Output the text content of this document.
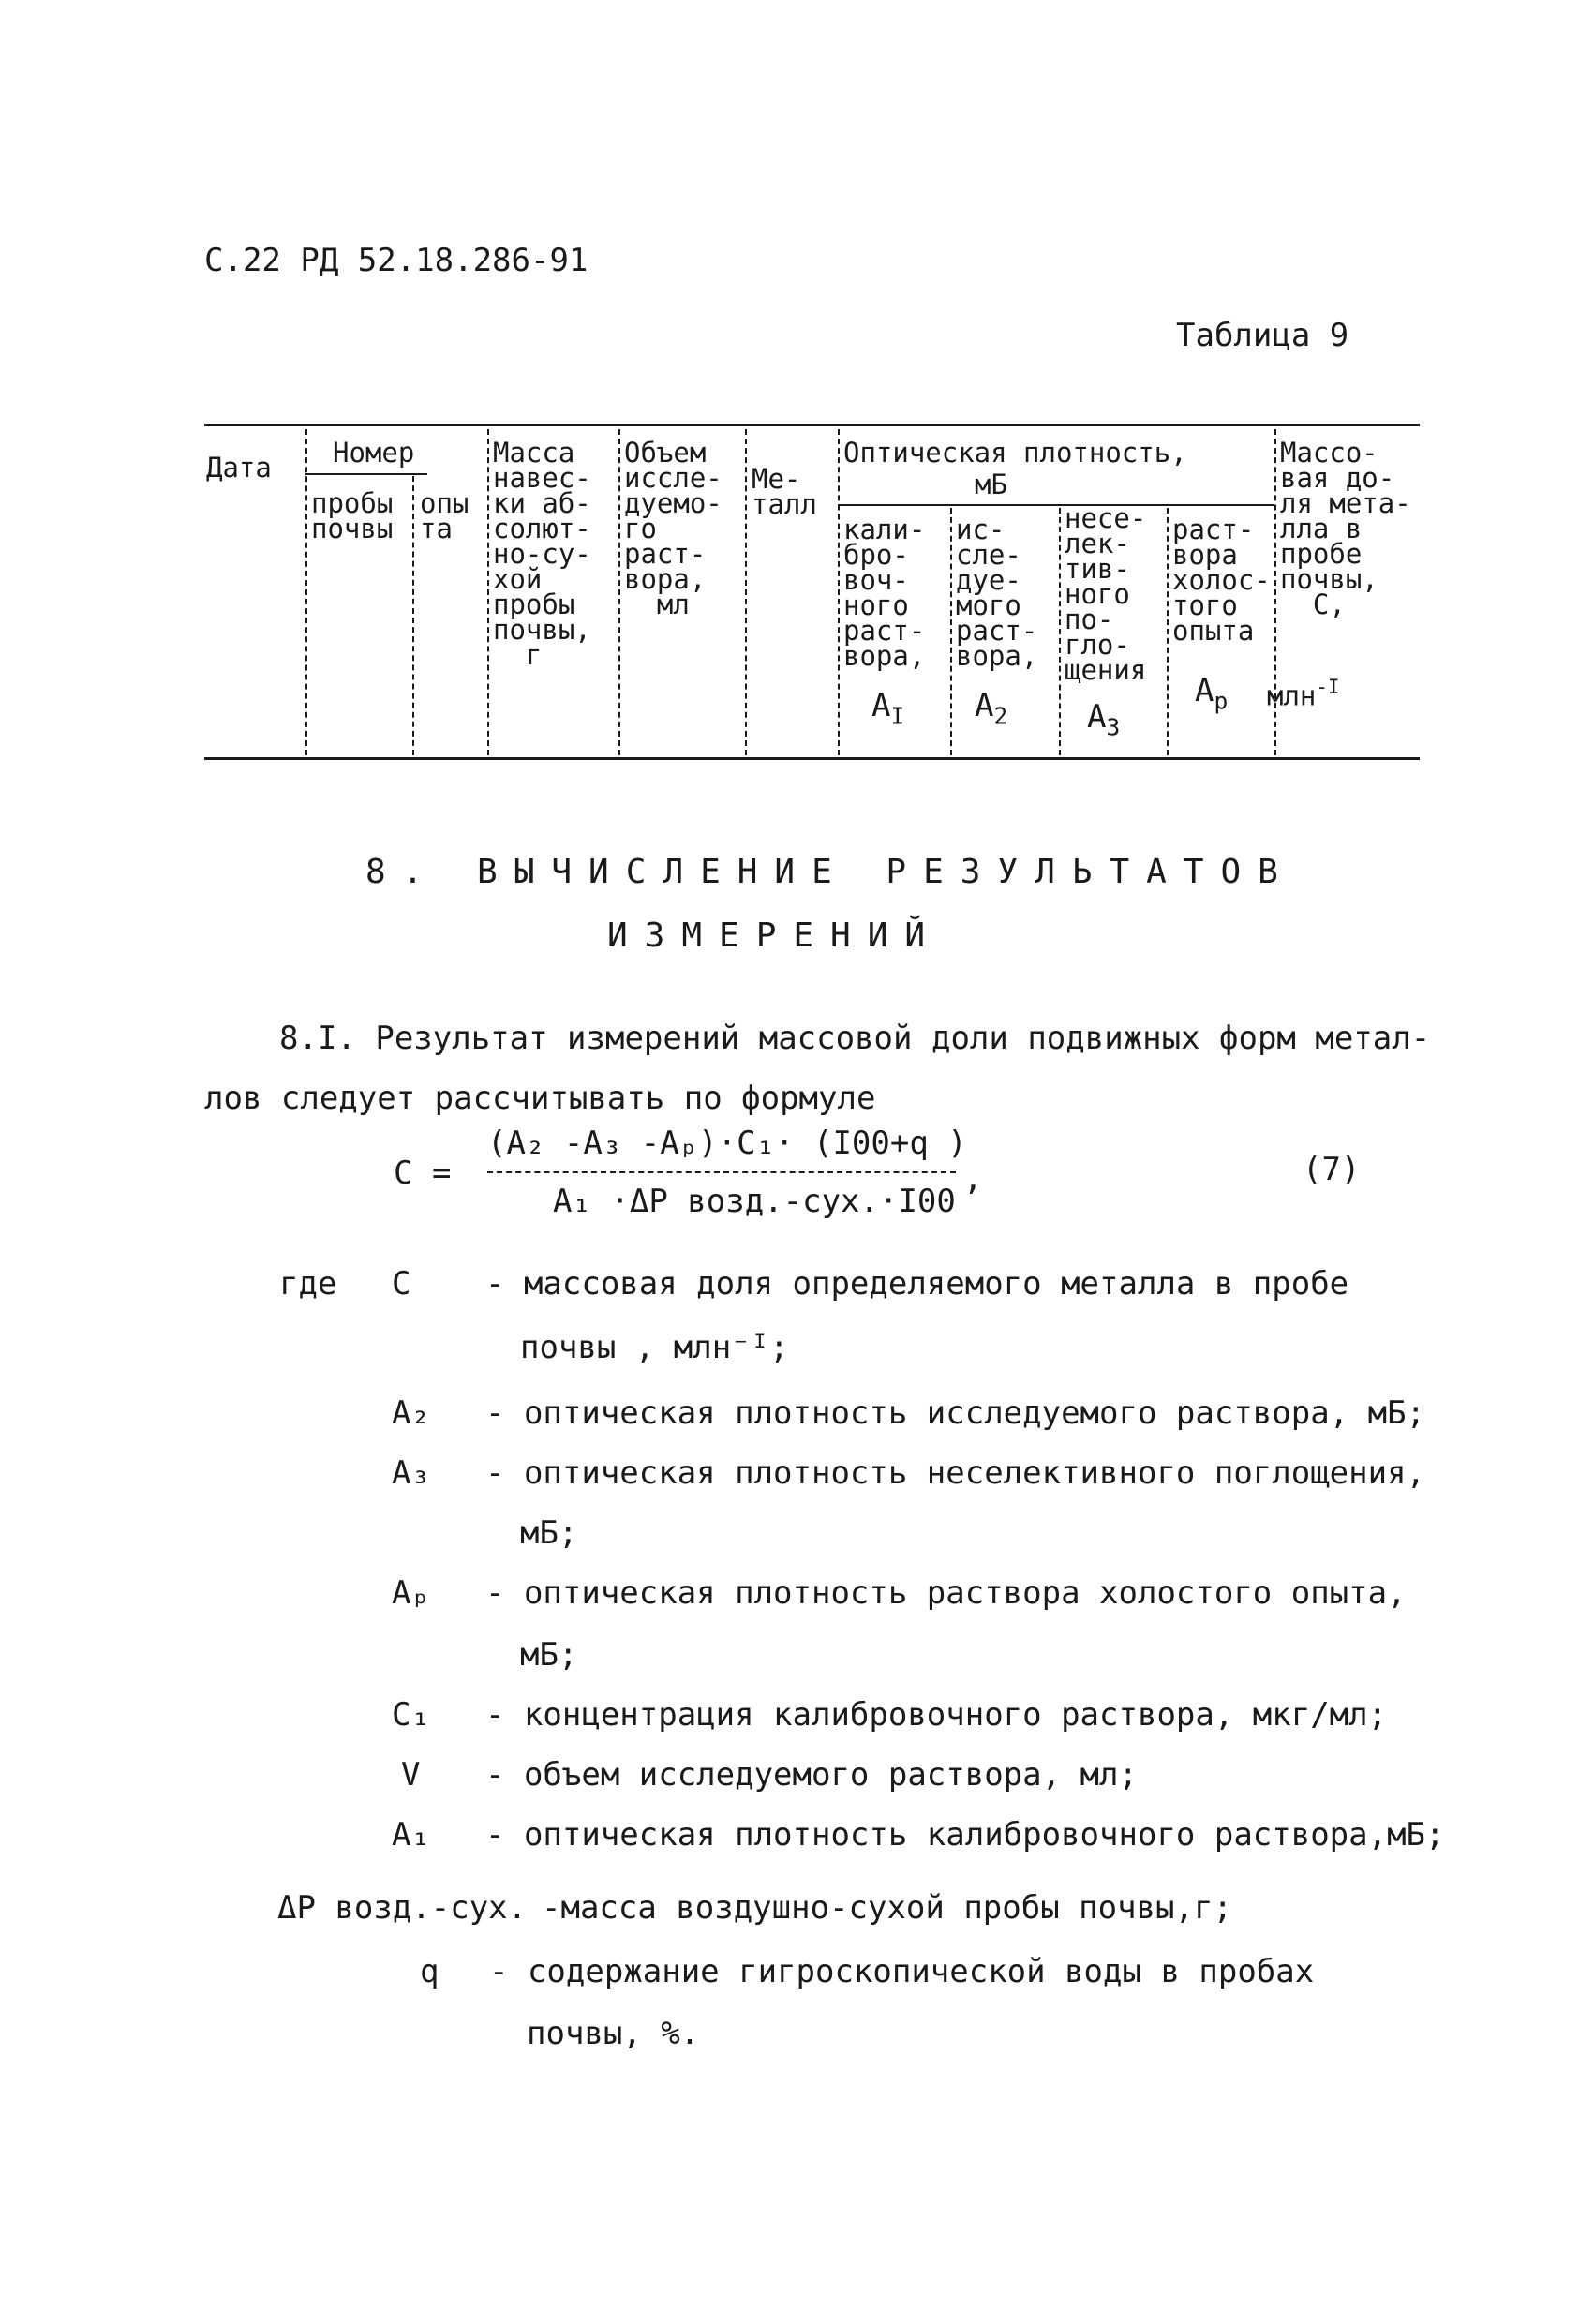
С.22 РД 52.18.286-91
Таблица 9
Дата Номер
пробы
почвы
опы
та
Масса
навес-
ки аб-
солют-
но-су-
хой
пробы
почвы,
г
Объем
иссле-
дуемо-
го
раст-
вора,
мл
Ме-
талл
Оптическая плотность,
мБ
кали-
бро-
воч-
ного
раст-
вора,
$A_I$
ис-
сле-
дуе-
мого
раст-
вора,
$A_2$
несе-
лек-
тив-
ного
по-
гло-
щения
$A_3$
раст-
вора
холос-
того
опыта
$A_p$
Массо-
вая до-
ля мета-
лла в
пробе
почвы,
C,
млн$^{-I}$
8. ВЫЧИСЛЕНИЕ РЕЗУЛЬТАТОВ
ИЗМЕРЕНИЙ
8.I. Результат измерений массовой доли подвижных форм метал-
лов следует рассчитывать по формуле
C =
(A₂ -A₃ -Aₚ)·C₁· (I00+q )
A₁ ·ΔP возд.-сух.·I00
,	(7)
где C - массовая доля определяемого металла в пробе
почвы , млн⁻ᴵ;
A₂ - оптическая плотность исследуемого раствора, мБ;
A₃ - оптическая плотность неселективного поглощения,
мБ;
Aₚ - оптическая плотность раствора холостого опыта,
мБ;
C₁ - концентрация калибровочного раствора, мкг/мл;
V - объем исследуемого раствора, мл;
A₁ - оптическая плотность калибровочного раствора,мБ;
ΔP возд.-сух. -масса воздушно-сухой пробы почвы,г;
q - содержание гигроскопической воды в пробах
почвы, %.
